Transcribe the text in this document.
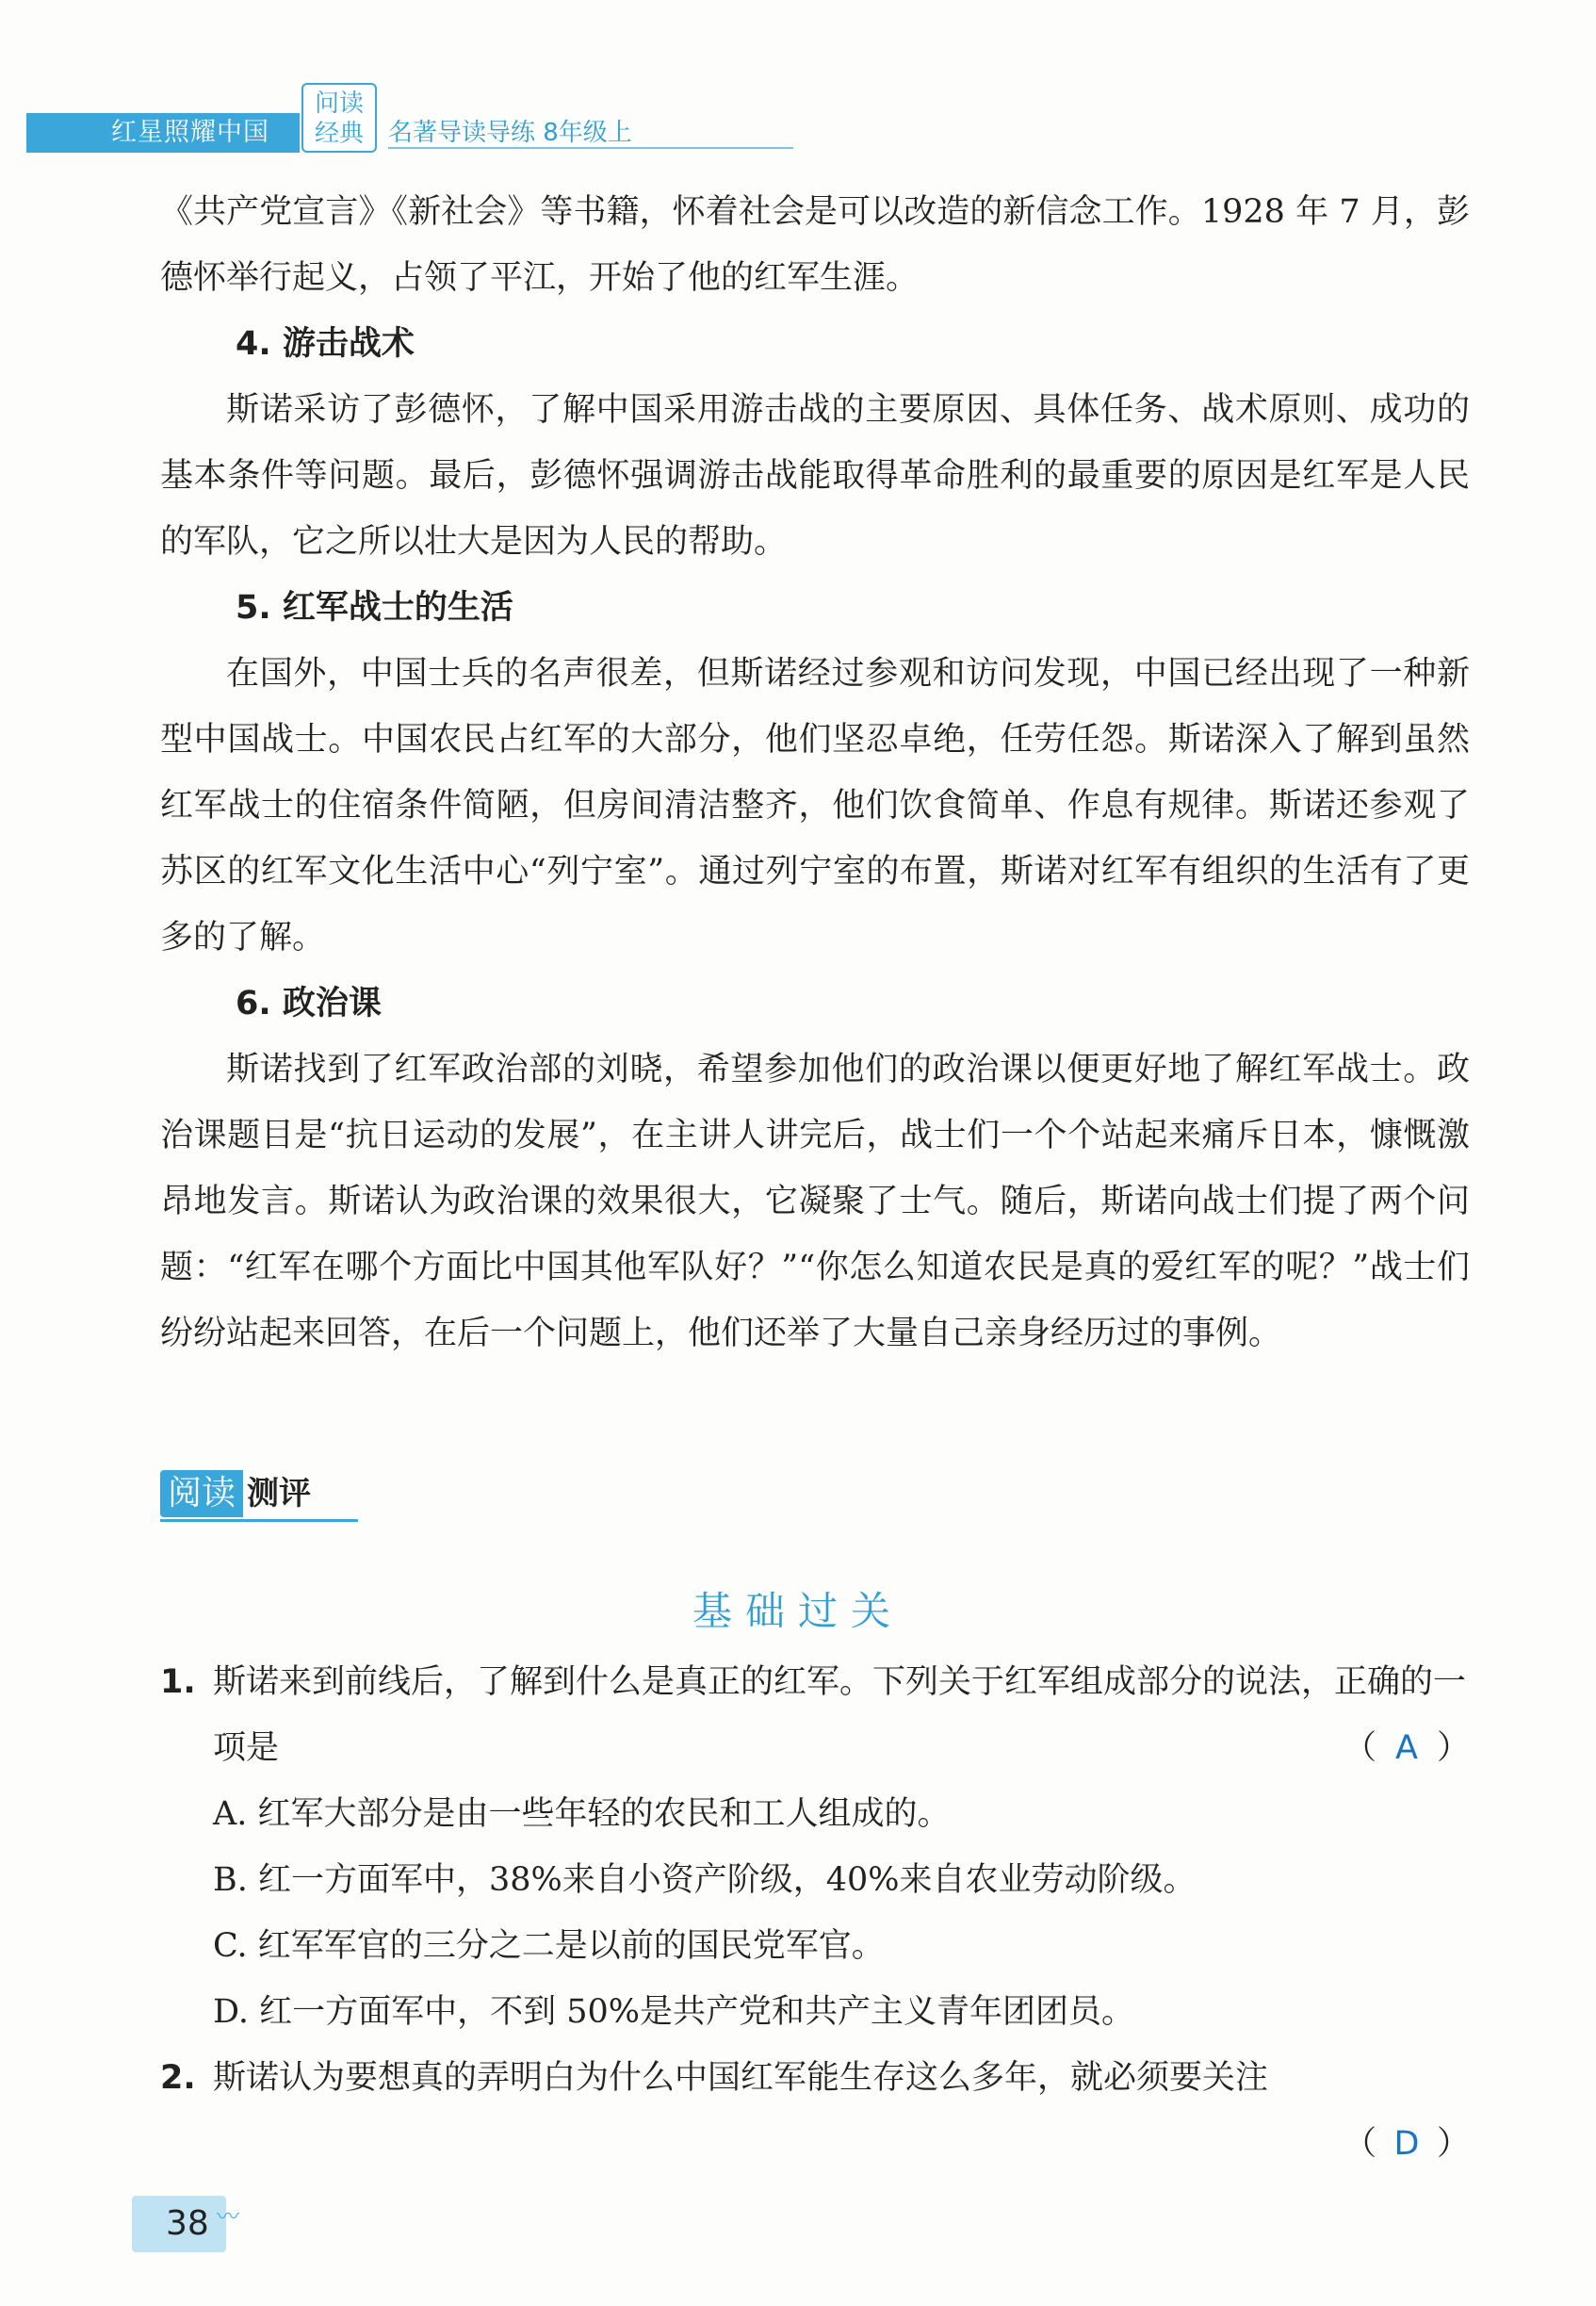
红星照耀中国
问读
经典	名著导读导练 8年级上

《共产党宣言》《新社会》等书籍，怀着社会是可以改造的新信念工作。1928 年 7 月，彭德怀举行起义，占领了平江，开始了他的红军生涯。

4. 游击战术

斯诺采访了彭德怀，了解中国采用游击战的主要原因、具体任务、战术原则、成功的基本条件等问题。最后，彭德怀强调游击战能取得革命胜利的最重要的原因是红军是人民的军队，它之所以壮大是因为人民的帮助。

5. 红军战士的生活

在国外，中国士兵的名声很差，但斯诺经过参观和访问发现，中国已经出现了一种新型中国战士。中国农民占红军的大部分，他们坚忍卓绝，任劳任怨。斯诺深入了解到虽然红军战士的住宿条件简陋，但房间清洁整齐，他们饮食简单、作息有规律。斯诺还参观了苏区的红军文化生活中心“列宁室”。通过列宁室的布置，斯诺对红军有组织的生活有了更多的了解。

6. 政治课

斯诺找到了红军政治部的刘晓，希望参加他们的政治课以便更好地了解红军战士。政治课题目是“抗日运动的发展”，在主讲人讲完后，战士们一个个站起来痛斥日本，慷慨激昂地发言。斯诺认为政治课的效果很大，它凝聚了士气。随后，斯诺向战士们提了两个问题：“红军在哪个方面比中国其他军队好？”“你怎么知道农民是真的爱红军的呢？”战士们纷纷站起来回答，在后一个问题上，他们还举了大量自己亲身经历过的事例。

阅读 测评
基础过关
1. 斯诺来到前线后，了解到什么是真正的红军。下列关于红军组成部分的说法，正确的一项是	（ A ）
A. 红军大部分是由一些年轻的农民和工人组成的。
B. 红一方面军中，38%来自小资产阶级，40%来自农业劳动阶级。
C. 红军军官的三分之二是以前的国民党军官。
D. 红一方面军中，不到 50%是共产党和共产主义青年团团员。
2. 斯诺认为要想真的弄明白为什么中国红军能生存这么多年，就必须要关注
（ D ）
38 〰
